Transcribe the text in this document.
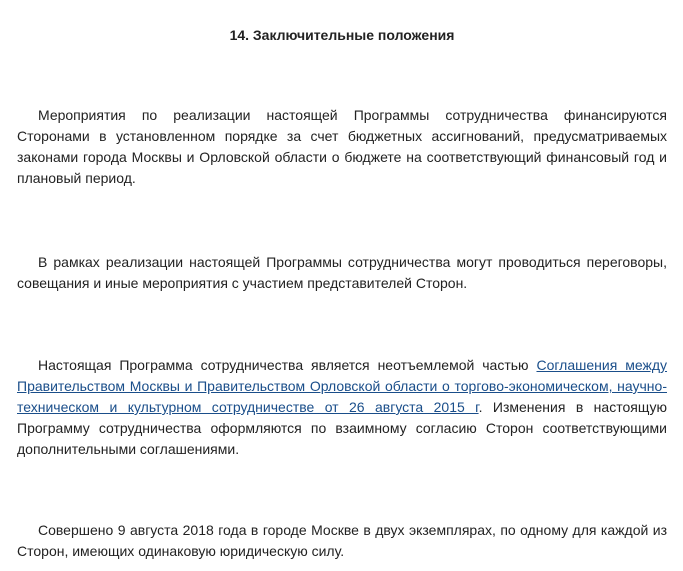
14. Заключительные положения

Мероприятия по реализации настоящей Программы сотрудничества финансируются Сторонами в установленном порядке за счет бюджетных ассигнований, предусматриваемых законами города Москвы и Орловской области о бюджете на соответствующий финансовый год и плановый период.

В рамках реализации настоящей Программы сотрудничества могут проводиться переговоры, совещания и иные мероприятия с участием представителей Сторон.

Настоящая Программа сотрудничества является неотъемлемой частью Соглашения между Правительством Москвы и Правительством Орловской области о торгово-экономическом, научно-техническом и культурном сотрудничестве от 26 августа 2015 г. Изменения в настоящую Программу сотрудничества оформляются по взаимному согласию Сторон соответствующими дополнительными соглашениями.

Совершено 9 августа 2018 года в городе Москве в двух экземплярах, по одному для каждой из Сторон, имеющих одинаковую юридическую силу.
